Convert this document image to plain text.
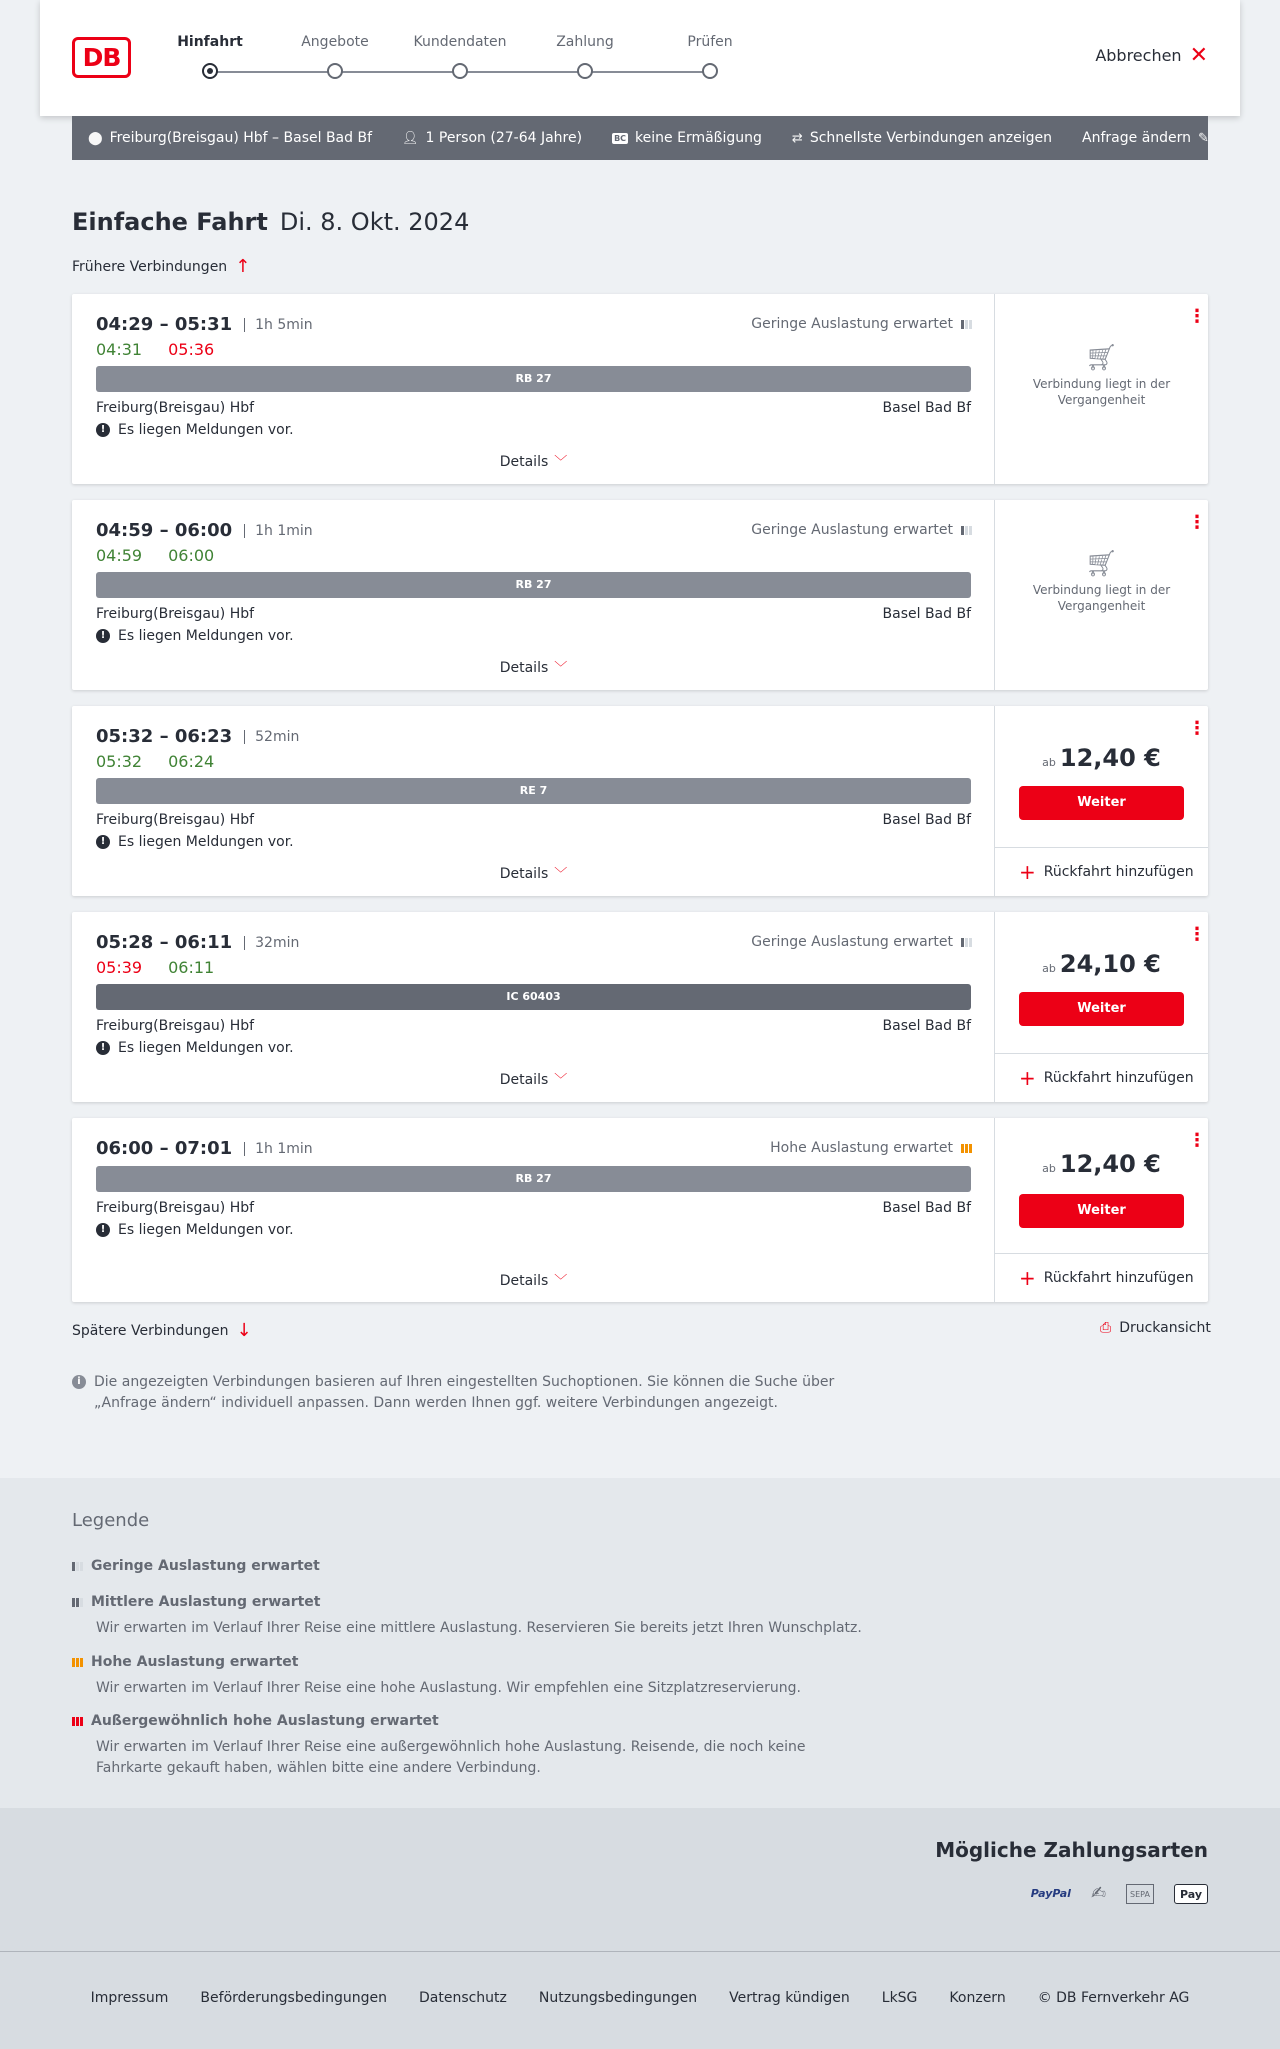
DB
Hinfahrt	Angebote	Kundendaten	Zahlung	Prüfen
Abbrechen ✕
⬤ Freiburg(Breisgau) Hbf – Basel Bad Bf 👤︎ 1 Person (27-64 Jahre)	BC keine Ermäßigung ⇄ Schnellste Verbindungen anzeigen Anfrage ändern ✎
Einfache Fahrt Di. 8. Okt. 2024
Frühere Verbindungen ↑
04:29 – 05:31	1h 5min
04:31 05:36
Geringe Auslastung erwartet
RB 27
Freiburg(Breisgau) Hbf	Basel Bad Bf
! Es liegen Meldungen vor.
Details ﹀
⋮
🛒︎
Verbindung liegt in der Vergangenheit
04:59 – 06:00	1h 1min
04:59 06:00
Geringe Auslastung erwartet
RB 27
Freiburg(Breisgau) Hbf	Basel Bad Bf
! Es liegen Meldungen vor.
Details ﹀
⋮
🛒︎
Verbindung liegt in der Vergangenheit
05:32 – 06:23	52min
05:32 06:24
RE 7
Freiburg(Breisgau) Hbf	Basel Bad Bf
! Es liegen Meldungen vor.
Details ﹀
⋮
ab 12,40 €
Weiter
+ Rückfahrt hinzufügen
05:28 – 06:11	32min
05:39 06:11
Geringe Auslastung erwartet
IC 60403
Freiburg(Breisgau) Hbf	Basel Bad Bf
! Es liegen Meldungen vor.
Details ﹀
⋮
ab 24,10 €
Weiter
+ Rückfahrt hinzufügen
06:00 – 07:01	1h 1min	Hohe Auslastung erwartet
RB 27
Freiburg(Breisgau) Hbf	Basel Bad Bf
! Es liegen Meldungen vor.
Details ﹀
⋮
ab 12,40 €
Weiter
+ Rückfahrt hinzufügen
Spätere Verbindungen ↓	⎙ Druckansicht
i Die angezeigten Verbindungen basieren auf Ihren eingestellten Suchoptionen. Sie können die Suche über „Anfrage ändern“ individuell anpassen. Dann werden Ihnen ggf. weitere Verbindungen angezeigt.
Legende
Geringe Auslastung erwartet
Mittlere Auslastung erwartet
Wir erwarten im Verlauf Ihrer Reise eine mittlere Auslastung. Reservieren Sie bereits jetzt Ihren Wunschplatz.
Hohe Auslastung erwartet
Wir erwarten im Verlauf Ihrer Reise eine hohe Auslastung. Wir empfehlen eine Sitzplatzreservierung.
Außergewöhnlich hohe Auslastung erwartet
Wir erwarten im Verlauf Ihrer Reise eine außergewöhnlich hohe Auslastung. Reisende, die noch keine Fahrkarte gekauft haben, wählen bitte eine andere Verbindung.
Mögliche Zahlungsarten
PayPal ✍	SEPA	Pay
Impressum Beförderungsbedingungen Datenschutz Nutzungsbedingungen Vertrag kündigen LkSG Konzern © DB Fernverkehr AG
